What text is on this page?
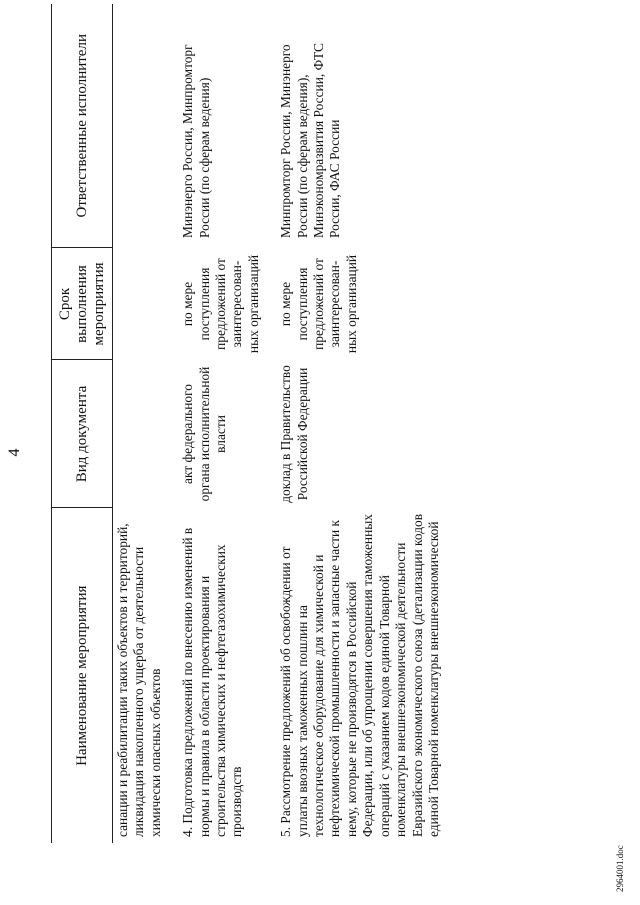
4
Наименование мероприятия	Вид документа	Срок выполнения мероприятия	Ответственные исполнители
санации и реабилитации таких объектов и территорий, ликвидация накопленного ущерба от деятельности химически опасных объектов			
4. Подготовка предложений по внесению изменений в нормы и правила в области проектирования и строительства химических и нефтегазохимических производств	акт федерального органа исполнительной власти	по мере поступления предложений от заинтересован-ных организаций	Минэнерго России, Минпромторг России (по сферам ведения)
5. Рассмотрение предложений об освобождении от уплаты ввозных таможенных пошлин на технологическое оборудование для химической и нефтехимической промышленности и запасные части к нему, которые не производятся в Российской Федерации, или об упрощении совершения таможенных операций с указанием кодов единой Товарной номенклатуры внешнеэкономической деятельности Евразийского экономического союза (детализации кодов единой Товарной номенклатуры внешнеэкономической	доклад в Правительство Российской Федерации	по мере поступления предложений от заинтересован-ных организаций	Минпромторг России, Минэнерго России (по сферам ведения), Минэкономразвития России, ФТС России, ФАС России
2964001.doc
